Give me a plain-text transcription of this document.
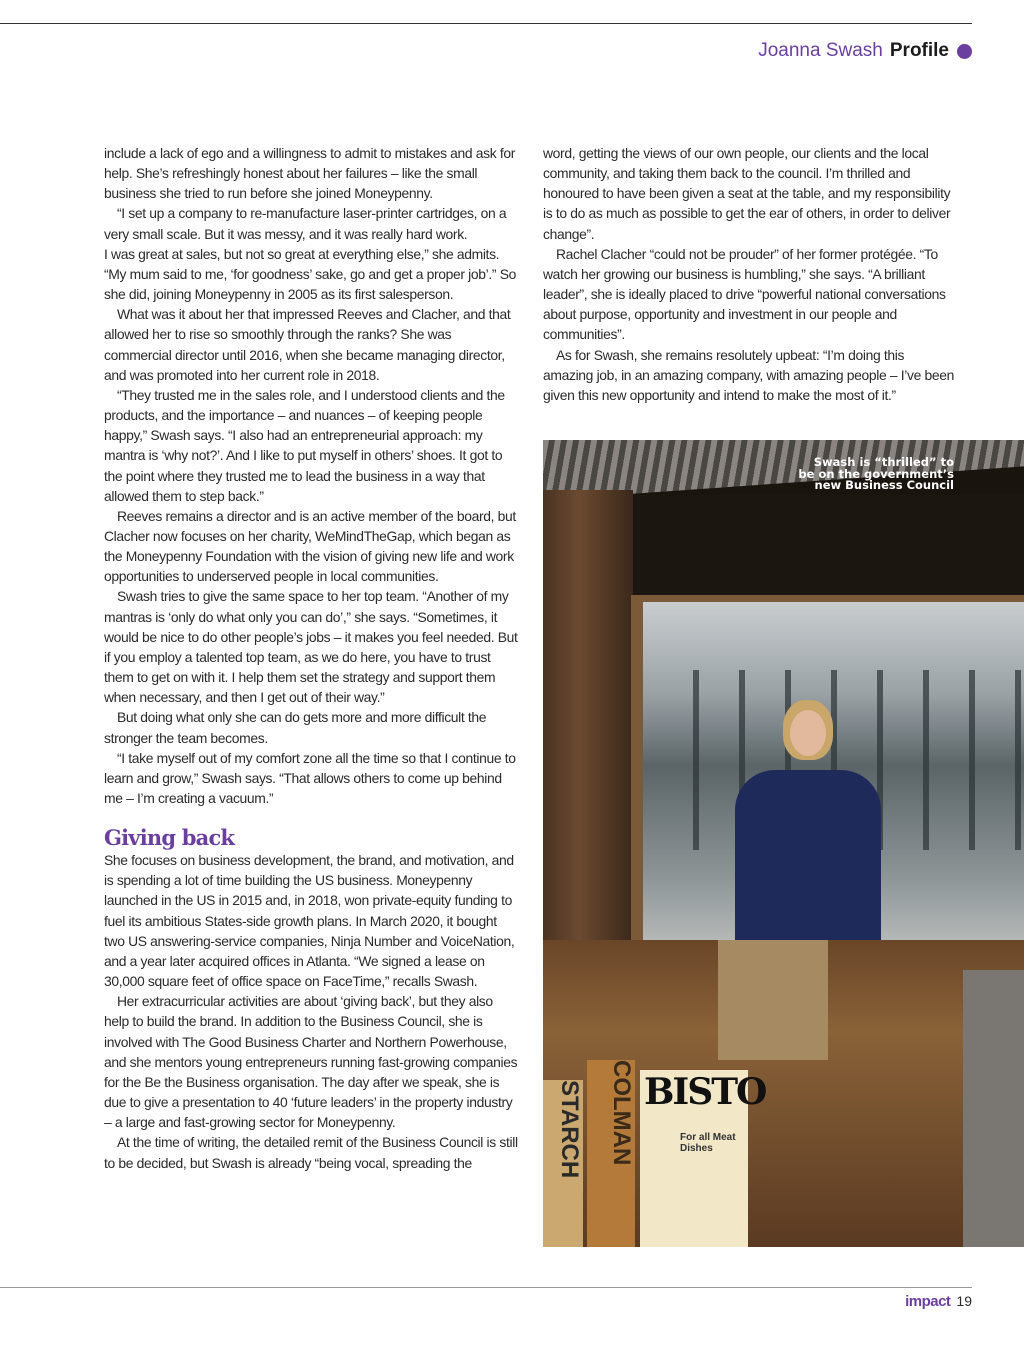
Joanna Swash Profile

include a lack of ego and a willingness to admit to mistakes and ask for help. She’s refreshingly honest about her failures – like the small business she tried to run before she joined Moneypenny.

“I set up a company to re-manufacture laser-printer cartridges, on a very small scale. But it was messy, and it was really hard work.

I was great at sales, but not so great at everything else,” she admits. “My mum said to me, ‘for goodness’ sake, go and get a proper job’.” So she did, joining Moneypenny in 2005 as its first salesperson.

What was it about her that impressed Reeves and Clacher, and that allowed her to rise so smoothly through the ranks? She was commercial director until 2016, when she became managing director, and was promoted into her current role in 2018.

“They trusted me in the sales role, and I understood clients and the products, and the importance – and nuances – of keeping people happy,” Swash says. “I also had an entrepreneurial approach: my mantra is ‘why not?’. And I like to put myself in others’ shoes. It got to the point where they trusted me to lead the business in a way that allowed them to step back.”

Reeves remains a director and is an active member of the board, but Clacher now focuses on her charity, WeMindTheGap, which began as the Moneypenny Foundation with the vision of giving new life and work opportunities to underserved people in local communities.

Swash tries to give the same space to her top team. “Another of my mantras is ‘only do what only you can do’,” she says. “Sometimes, it would be nice to do other people’s jobs – it makes you feel needed. But if you employ a talented top team, as we do here, you have to trust them to get on with it. I help them set the strategy and support them when necessary, and then I get out of their way.”

But doing what only she can do gets more and more difficult the stronger the team becomes.

“I take myself out of my comfort zone all the time so that I continue to learn and grow,” Swash says. “That allows others to come up behind me – I’m creating a vacuum.”

Giving back

She focuses on business development, the brand, and motivation, and is spending a lot of time building the US business. Moneypenny launched in the US in 2015 and, in 2018, won private-equity funding to fuel its ambitious States-side growth plans. In March 2020, it bought two US answering-service companies, Ninja Number and VoiceNation, and a year later acquired offices in Atlanta. “We signed a lease on 30,000 square feet of office space on FaceTime,” recalls Swash.

Her extracurricular activities are about ‘giving back’, but they also help to build the brand. In addition to the Business Council, she is involved with The Good Business Charter and Northern Powerhouse, and she mentors young entrepreneurs running fast-growing companies for the Be the Business organisation. The day after we speak, she is due to give a presentation to 40 ‘future leaders’ in the property industry – a large and fast-growing sector for Moneypenny.

At the time of writing, the detailed remit of the Business Council is still to be decided, but Swash is already “being vocal, spreading the

word, getting the views of our own people, our clients and the local community, and taking them back to the council. I’m thrilled and honoured to have been given a seat at the table, and my responsibility is to do as much as possible to get the ear of others, in order to deliver change”.

Rachel Clacher “could not be prouder” of her former protégée. “To watch her growing our business is humbling,” she says. “A brilliant leader”, she is ideally placed to drive “powerful national conversations about purpose, opportunity and investment in our people and communities”.

As for Swash, she remains resolutely upbeat: “I’m doing this amazing job, in an amazing company, with amazing people – I’ve been given this new opportunity and intend to make the most of it.”

STARCH	COLMAN BISTO
For all Meat Dishes
Swash is “thrilled” to
be on the government’s
new Business Council
impact 19
